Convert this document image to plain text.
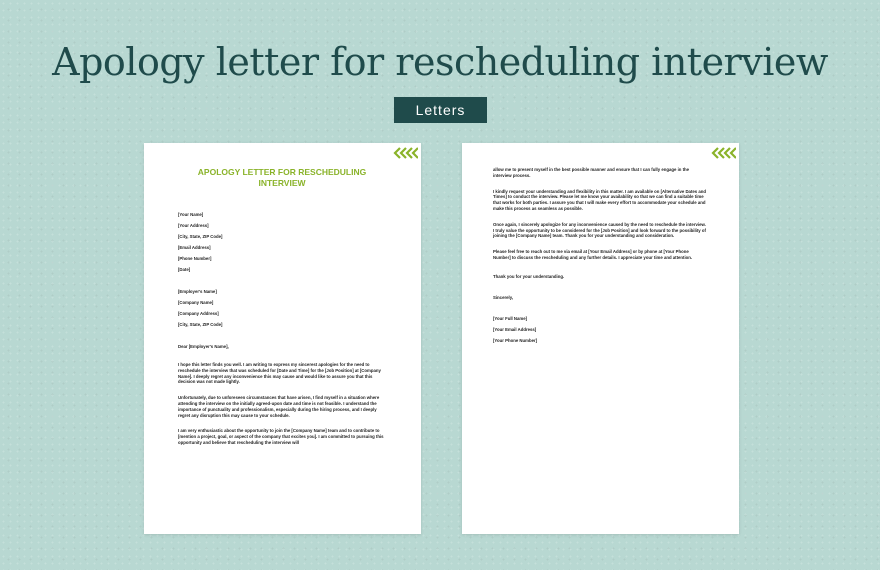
Apology letter for rescheduling interview
Letters
APOLOGY LETTER FOR RESCHEDULING INTERVIEW
[Your Name]
[Your Address]
[City, State, ZIP Code]
[Email Address]
[Phone Number]
[Date]
[Employer's Name]
[Company Name]
[Company Address]
[City, State, ZIP Code]
Dear [Employer's Name],
I hope this letter finds you well. I am writing to express my sincerest apologies for the need to reschedule the interview that was scheduled for [Date and Time] for the [Job Position] at [Company Name]. I deeply regret any inconvenience this may cause and would like to assure you that this decision was not made lightly.
Unfortunately, due to unforeseen circumstances that have arisen, I find myself in a situation where attending the interview on the initially agreed-upon date and time is not feasible. I understand the importance of punctuality and professionalism, especially during the hiring process, and I deeply regret any disruption this may cause to your schedule.
I am very enthusiastic about the opportunity to join the [Company Name] team and to contribute to [mention a project, goal, or aspect of the company that excites you]. I am committed to pursuing this opportunity and believe that rescheduling the interview will
allow me to present myself in the best possible manner and ensure that I can fully engage in the interview process.
I kindly request your understanding and flexibility in this matter. I am available on [Alternative Dates and Times] to conduct the interview. Please let me know your availability so that we can find a suitable time that works for both parties. I assure you that I will make every effort to accommodate your schedule and make this process as seamless as possible.
Once again, I sincerely apologize for any inconvenience caused by the need to reschedule the interview. I truly value the opportunity to be considered for the [Job Position] and look forward to the possibility of joining the [Company Name] team. Thank you for your understanding and consideration.
Please feel free to reach out to me via email at [Your Email Address] or by phone at [Your Phone Number] to discuss the rescheduling and any further details. I appreciate your time and attention.
Thank you for your understanding.
Sincerely,
[Your Full Name]
[Your Email Address]
[Your Phone Number]
